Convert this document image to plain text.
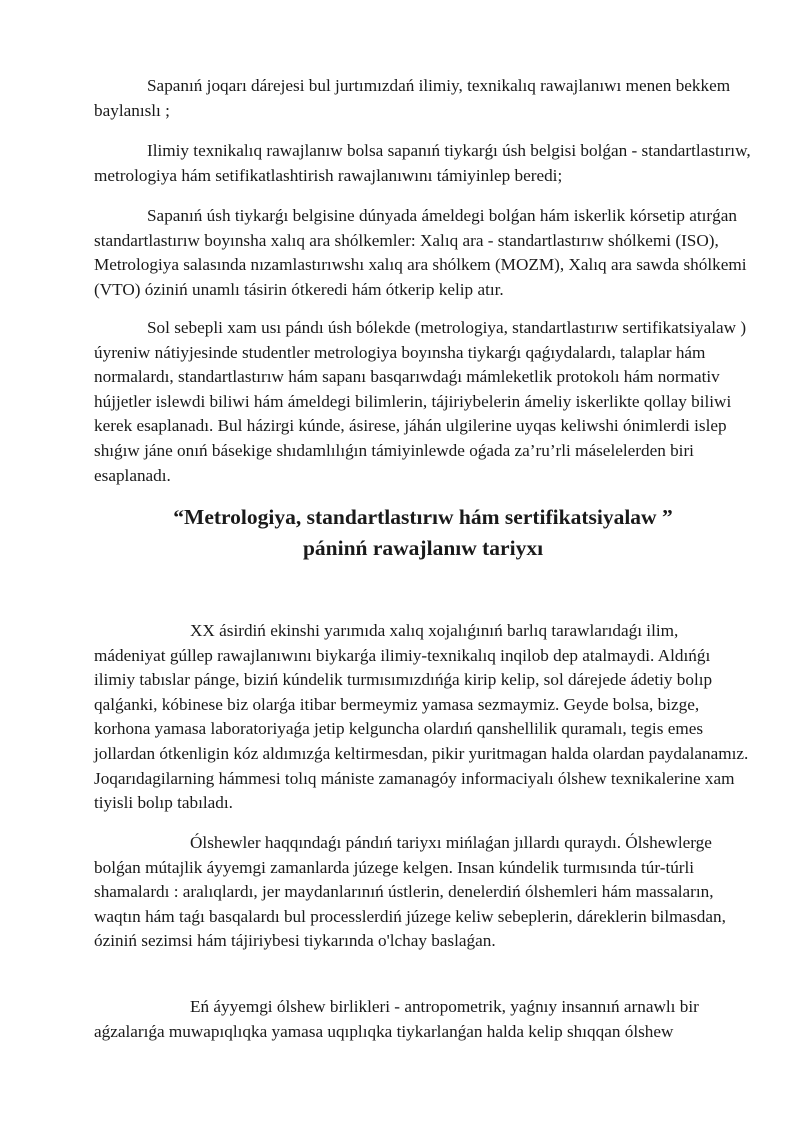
Sapanıń joqarı dárejesi bul jurtımızdań ilimiy, texnikalıq rawajlanıwı menen bekkem baylanıslı ;

Ilimiy texnikalıq rawajlanıw bolsa sapanıń tiykarǵı úsh belgisi bolǵan - standartlastırıw, metrologiya hám setifikatlashtirish rawajlanıwını támiyinlep beredi;

Sapanıń úsh tiykarǵı belgisine dúnyada ámeldegi bolǵan hám iskerlik kórsetip atırǵan standartlastırıw boyınsha xalıq ara shólkemler: Xalıq ara - standartlastırıw shólkemi (ISO), Metrologiya salasında nızamlastırıwshı xalıq ara shólkem (MOZM), Xalıq ara sawda shólkemi (VTO) óziniń unamlı tásirin ótkeredi hám ótkerip kelip atır.

Sol sebepli xam usı pándı úsh bólekde (metrologiya, standartlastırıw sertifikatsiyalaw ) úyreniw nátiyjesinde studentler metrologiya boyınsha tiykarǵı qaǵıydalardı, talaplar hám normalardı, standartlastırıw hám sapanı basqarıwdaǵı mámleketlik protokolı hám normativ hújjetler islewdi biliwi hám ámeldegi bilimlerin, tájiriybelerin ámeliy iskerlikte qollay biliwi kerek esaplanadı. Bul házirgi kúnde, ásirese, jáhán ulgilerine uyqas keliwshi ónimlerdi islep shıǵıw jáne onıń básekige shıdamlılıǵın támiyinlewde oǵada za’ru’rli máselelerden biri esaplanadı.

“Metrologiya, standartlastırıw hám sertifikatsiyalaw ”
páninń rawajlanıw tariyxı

XX ásirdiń ekinshi yarımıda xalıq xojalıǵınıń barlıq tarawlarıdaǵı ilim, mádeniyat gúllep rawajlanıwını biykarǵa ilimiy-texnikalıq inqilob dep atalmaydi. Aldıńǵı ilimiy tabıslar pánge, biziń kúndelik turmısımızdıńǵa kirip kelip, sol dárejede ádetiy bolıp qalǵanki, kóbinese biz olarǵa itibar bermeymiz yamasa sezmaymiz. Geyde bolsa, bizge, korhona yamasa laboratoriyaǵa jetip kelguncha olardıń qanshellilik quramalı, tegis emes jollardan ótkenligin kóz aldımızǵa keltirmesdan, pikir yuritmagan halda olardan paydalanamız. Joqarıdagilarning hámmesi tolıq mániste zamanagóy informaciyalı ólshew texnikalerine xam tiyisli bolıp tabıladı.

Ólshewler haqqındaǵı pándıń tariyxı mińlaǵan jıllardı quraydı. Ólshewlerge bolǵan mútajlik áyyemgi zamanlarda júzege kelgen. Insan kúndelik turmısında túr-túrli shamalardı : aralıqlardı, jer maydanlarınıń ústlerin, denelerdiń ólshemleri hám massaların, waqtın hám taǵı basqalardı bul processlerdiń júzege keliw sebeplerin, dáreklerin bilmasdan, óziniń sezimsi hám tájiriybesi tiykarında o'lchay baslaǵan.

Eń áyyemgi ólshew birlikleri - antropometrik, yaǵnıy insannıń arnawlı bir aǵzalarıǵa muwapıqlıqka yamasa uqıplıqka tiykarlanǵan halda kelip shıqqan ólshew
